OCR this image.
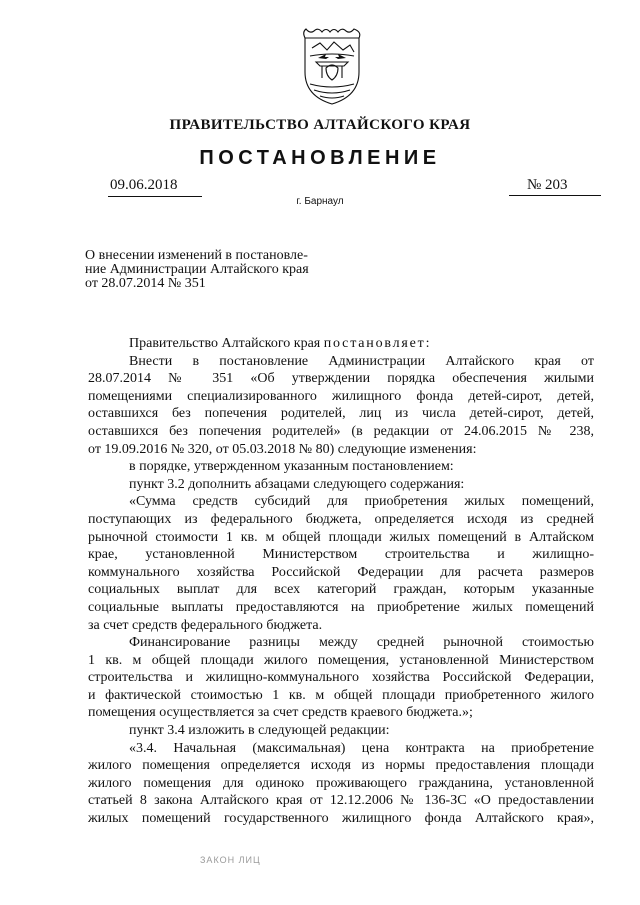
ПРАВИТЕЛЬСТВО АЛТАЙСКОГО КРАЯ
ПОСТАНОВЛЕНИЕ
09.06.2018	№ 203
г. Барнаул
О внесении изменений в постановле-
ние Администрации Алтайского края
от 28.07.2014 № 351
Правительство Алтайского края постановляет:
Внести в постановление Администрации Алтайского края от
28.07.2014 № 351 «Об утверждении порядка обеспечения жилыми
помещениями специализированного жилищного фонда детей-сирот, детей,
оставшихся без попечения родителей, лиц из числа детей-сирот, детей,
оставшихся без попечения родителей» (в редакции от 24.06.2015 № 238,
от 19.09.2016 № 320, от 05.03.2018 № 80) следующие изменения:
в порядке, утвержденном указанным постановлением:
пункт 3.2 дополнить абзацами следующего содержания:
«Сумма средств субсидий для приобретения жилых помещений,
поступающих из федерального бюджета, определяется исходя из средней
рыночной стоимости 1 кв. м общей площади жилых помещений в Алтайском
крае, установленной Министерством строительства и жилищно-
коммунального хозяйства Российской Федерации для расчета размеров
социальных выплат для всех категорий граждан, которым указанные
социальные выплаты предоставляются на приобретение жилых помещений
за счет средств федерального бюджета.
Финансирование разницы между средней рыночной стоимостью
1 кв. м общей площади жилого помещения, установленной Министерством
строительства и жилищно-коммунального хозяйства Российской Федерации,
и фактической стоимостью 1 кв. м общей площади приобретенного жилого
помещения осуществляется за счет средств краевого бюджета.»;
пункт 3.4 изложить в следующей редакции:
«3.4. Начальная (максимальная) цена контракта на приобретение
жилого помещения определяется исходя из нормы предоставления площади
жилого помещения для одиноко проживающего гражданина, установленной
статьей 8 закона Алтайского края от 12.12.2006 № 136-ЗС «О предоставлении
жилых помещений государственного жилищного фонда Алтайского края»,
ЗАКОН ЛИЦ
